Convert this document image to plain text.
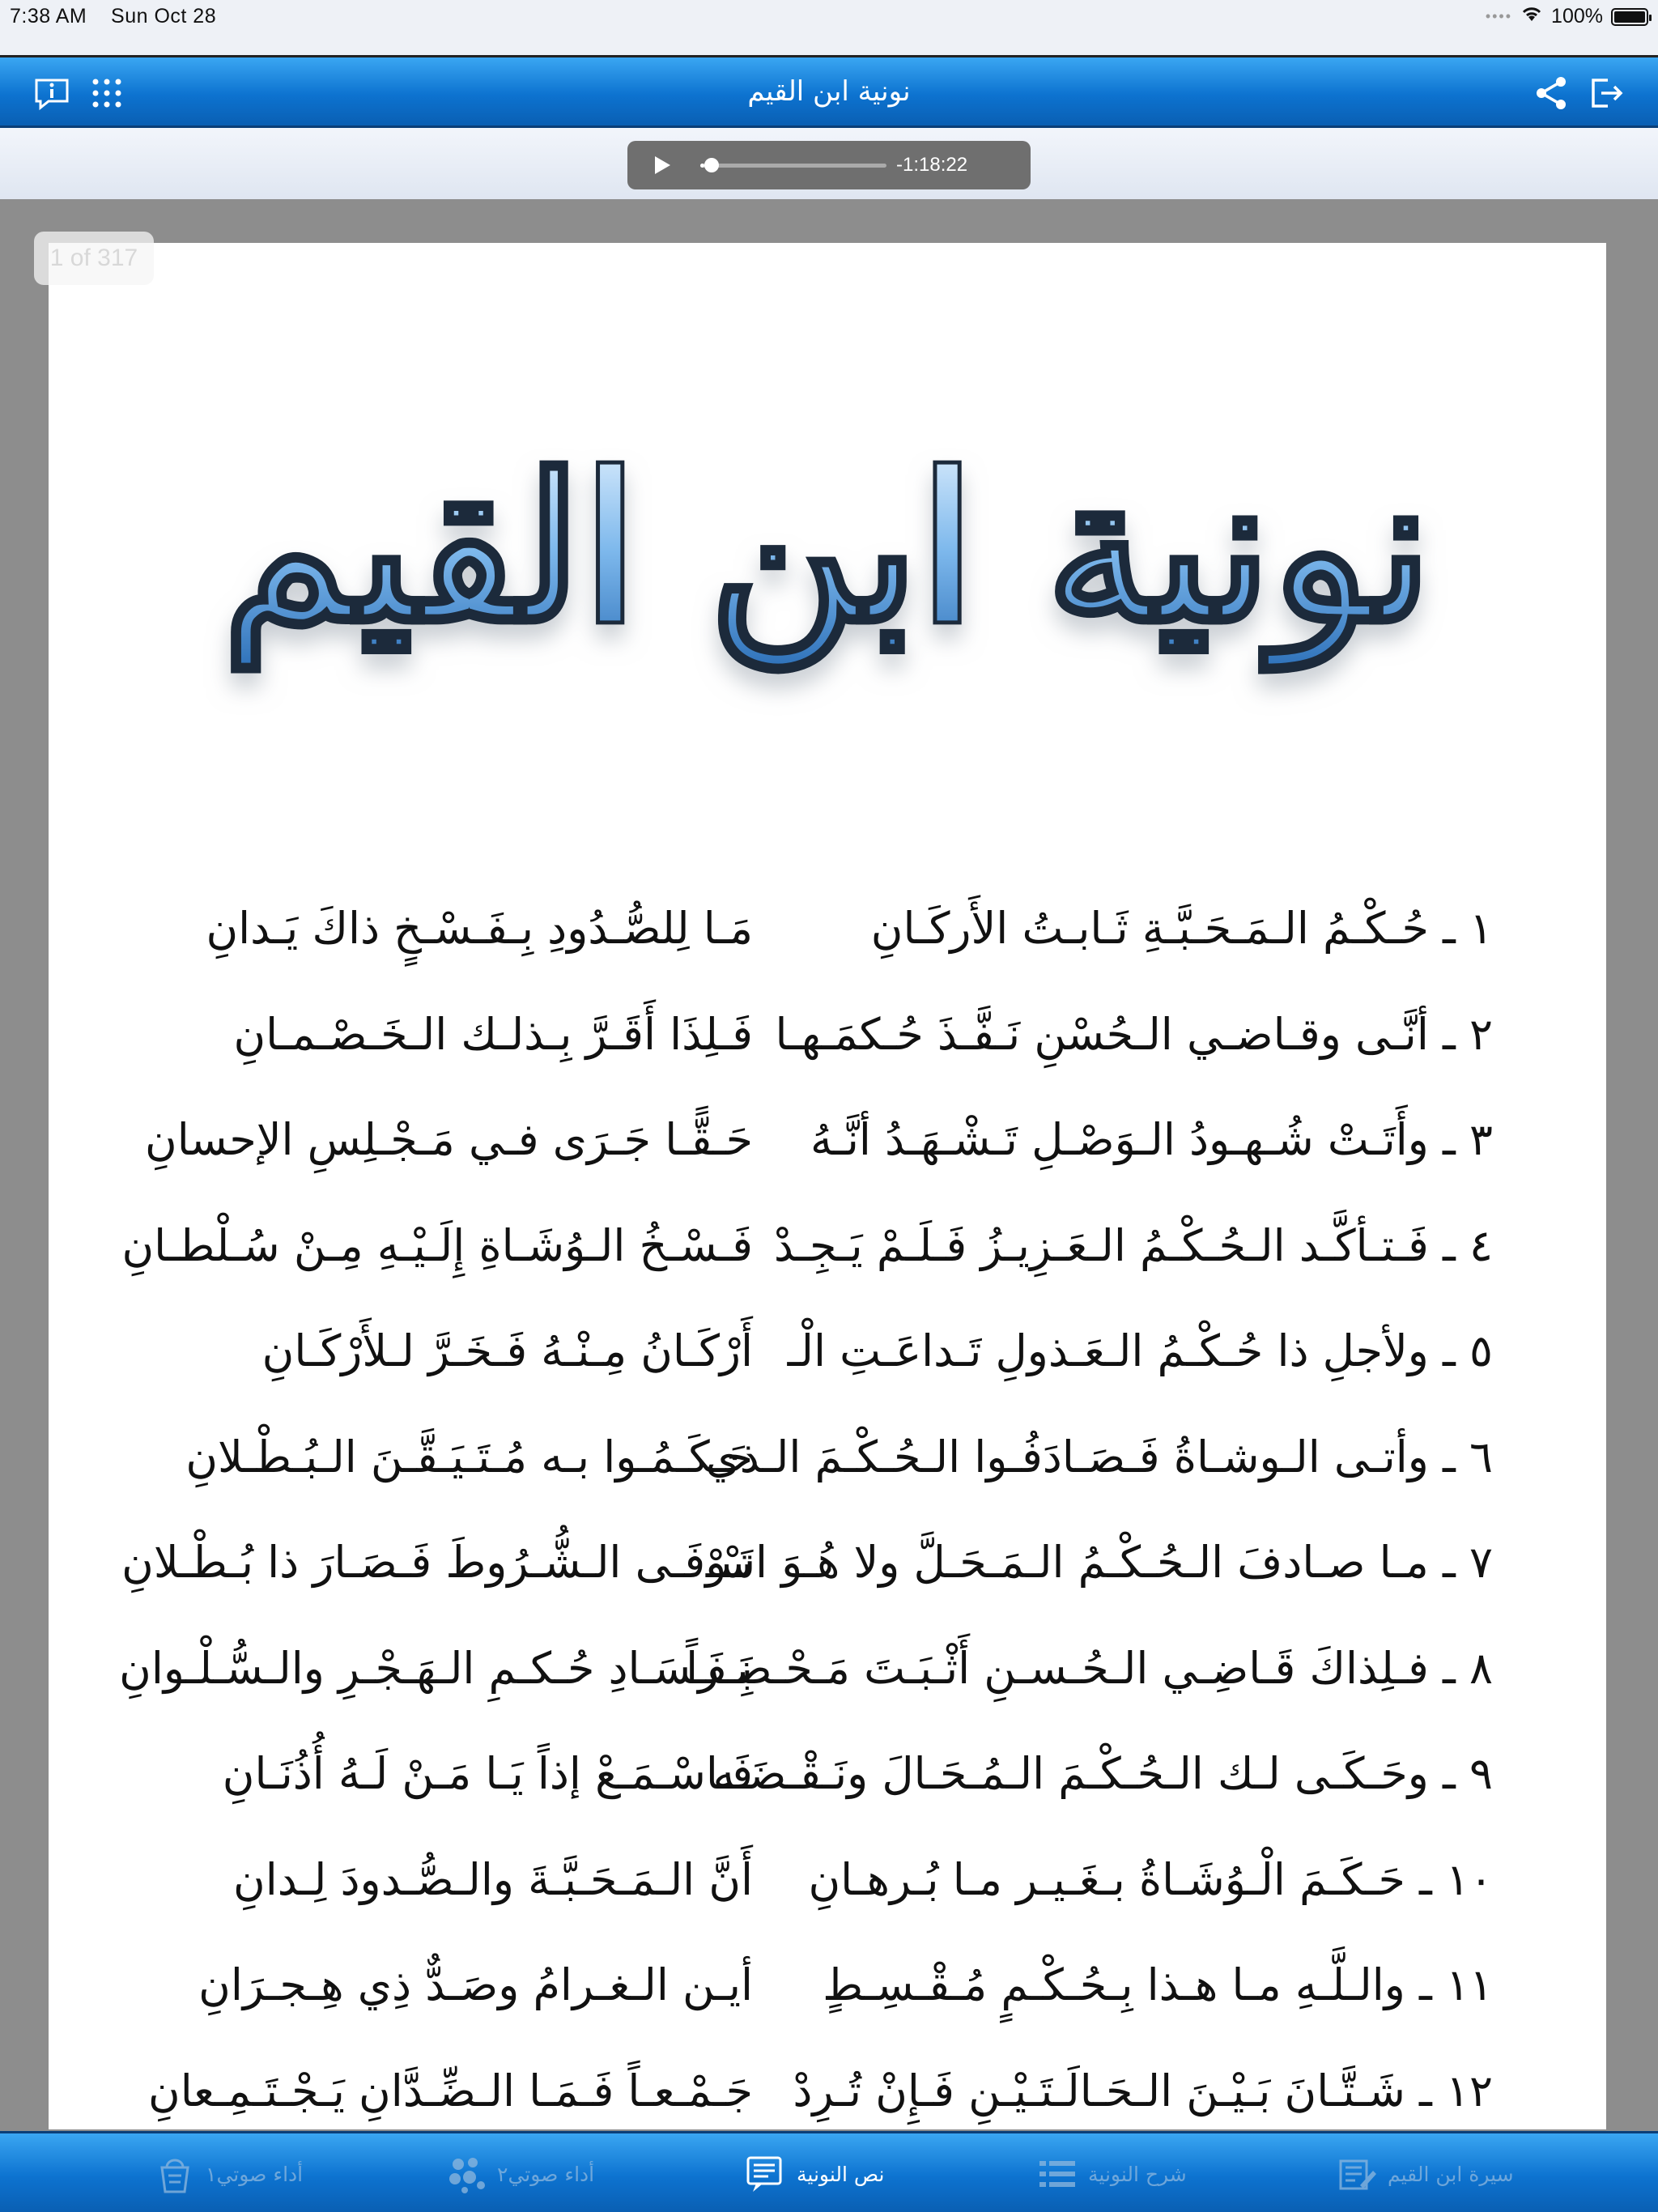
7:38 AM Sun Oct 28	•••• 100%
نونية ابن القيم
-1:18:22
1 of 317
نونية ابن القيم
١ ـ حُـكْـمُ الـمَـحَـبَّـةِ ثَـابـتُ الأَركَـانِ
مَـا لِلصُّـدُودِ بِـفَـسْـخٍ ذاكَ يَـدانِ
٢ ـ أنَّـى وقـاضـي الـحُسْنِ نَـفَّـذَ حُـكمَـهـا
فَـلِذَا أَقَـرَّ بِـذلـك الـخَـصْـمـانِ
٣ ـ وأَتَـتْ شُـهـودُ الـوَصْـلِ تَـشْـهَـدُ أنَّـهُ
حَـقًّـا جَـرَى فـي مَـجْـلِسِ الإحسانِ
٤ ـ فَـتـأكَّـد الـحُـكْـمُ الـعَـزِيـزُ فَـلَـمْ يَـجِـدْ
فَـسْـخُ الـوُشَـاةِ إِلَـيْـهِ مِـنْ سُـلْطـانِ
٥ ـ ولأجلِ ذا حُـكْـمُ الـعَـذولِ تَـداعَـتِ الْـ
أَرْكَـانُ مِـنْـهُ فَـخَـرَّ لـلأَرْكَـانِ
٦ ـ وأتـى الـوشـاةُ فَـصَـادَفُـوا الـحُـكْـمَ الـذي
حَـكَـمُـوا بـه مُـتَـيَـقَّـنَ الـبُـطْـلانِ
٧ ـ مـا صـادفَ الـحُـكْـمُ الـمَـحَـلَّ ولا هُـوَ اسْـ
تَـوْفَـى الـشُّـرُوطَ فَـصَـارَ ذا بُـطْـلانِ
٨ ـ فـلِذاكَ قَـاضِـي الـحُـسـنِ أَثْـبَـتَ مَـحْـضَـراً
بِـفَـسَـادِ حُـكـمِ الـهَـجْـرِ والـسُّـلْـوانِ
٩ ـ وحَـكَـى لـك الـحُـكْـمَ الـمُـحَـالَ ونَـقْـضَـه
فَـاسْـمَـعْ إذاً يَـا مَـنْ لَـهُ أُذُنَـانِ
١٠ ـ حَـكَـمَ الْـوُشَـاةُ بـغَـيـر مـا بُـرهـانِ
أَنَّ الـمَـحَـبَّـةَ والـصُّـدودَ لِـدانِ
١١ ـ والـلَّـهِ مـا هـذا بِـحُـكْـمٍ مُـقْـسِـطٍ
أيـن الـغـرامُ وصَـدٌّ ذِي هِـجـرَانِ
١٢ ـ شَـتَّـانَ بَـيْـنَ الـحَـالَـتَـيْـنِ فَـإِنْ تُـرِدْ
جَـمْـعـاً فَـمَـا الـضِّـدَّانِ يَـجْـتَـمِـعانِ
سيرة ابن القيم
شرح النونية
نص النونية
أداء صوتي٢
أداء صوتي١
